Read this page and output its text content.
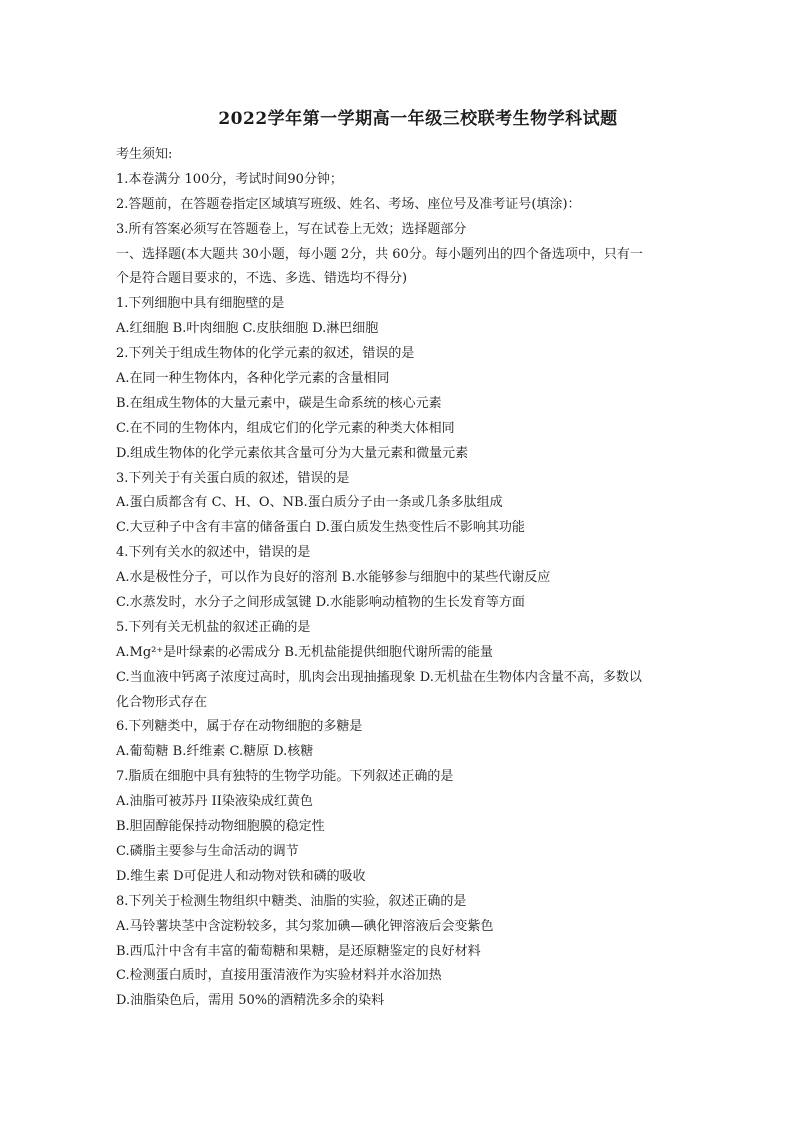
2022学年第一学期高一年级三校联考生物学科试题
考生须知:
1.本卷满分 100分，考试时间90分钟；
2.答题前，在答题卷指定区域填写班级、姓名、考场、座位号及准考证号(填涂)：
3.所有答案必须写在答题卷上，写在试卷上无效；选择题部分
一、选择题(本大题共 30小题，每小题 2分，共 60分。每小题列出的四个备选项中，只有一
个是符合题目要求的，不选、多选、错选均不得分)
1.下列细胞中具有细胞壁的是
A.红细胞 B.叶肉细胞 C.皮肤细胞 D.淋巴细胞
2.下列关于组成生物体的化学元素的叙述，错误的是
A.在同一种生物体内，各种化学元素的含量相同
B.在组成生物体的大量元素中，碳是生命系统的核心元素
C.在不同的生物体内，组成它们的化学元素的种类大体相同
D.组成生物体的化学元素依其含量可分为大量元素和微量元素
3.下列关于有关蛋白质的叙述，错误的是
A.蛋白质都含有 C、H、O、NB.蛋白质分子由一条或几条多肽组成
C.大豆种子中含有丰富的储备蛋白 D.蛋白质发生热变性后不影响其功能
4.下列有关水的叙述中，错误的是
A.水是极性分子，可以作为良好的溶剂 B.水能够参与细胞中的某些代谢反应
C.水蒸发时，水分子之间形成氢键 D.水能影响动植物的生长发育等方面
5.下列有关无机盐的叙述正确的是
A.Mg²⁺是叶绿素的必需成分 B.无机盐能提供细胞代谢所需的能量
C.当血液中钙离子浓度过高时，肌肉会出现抽搐现象 D.无机盐在生物体内含量不高，多数以
化合物形式存在
6.下列糖类中，属于存在动物细胞的多糖是
A.葡萄糖 B.纤维素 C.糖原 D.核糖
7.脂质在细胞中具有独特的生物学功能。下列叙述正确的是
A.油脂可被苏丹 II染液染成红黄色
B.胆固醇能保持动物细胞膜的稳定性
C.磷脂主要参与生命活动的调节
D.维生素 D可促进人和动物对铁和磷的吸收
8.下列关于检测生物组织中糖类、油脂的实验，叙述正确的是
A.马铃薯块茎中含淀粉较多，其匀浆加碘—碘化钾溶液后会变紫色
B.西瓜汁中含有丰富的葡萄糖和果糖，是还原糖鉴定的良好材料
C.检测蛋白质时，直接用蛋清液作为实验材料并水浴加热
D.油脂染色后，需用 50%的酒精洗多余的染料
